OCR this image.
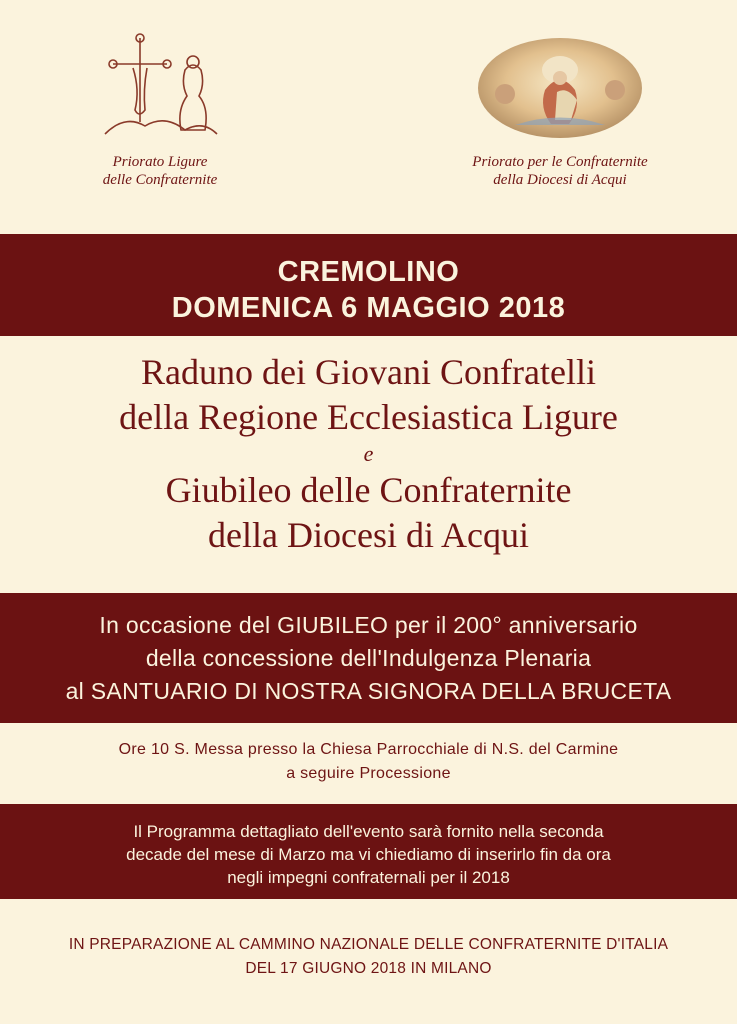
Priorato Ligure
delle Confraternite
Priorato per le Confraternite
della Diocesi di Acqui
CREMOLINO
DOMENICA 6 MAGGIO 2018
Raduno dei Giovani Confratelli
della Regione Ecclesiastica Ligure
e
Giubileo delle Confraternite
della Diocesi di Acqui
In occasione del GIUBILEO per il 200° anniversario
della concessione dell'Indulgenza Plenaria
al SANTUARIO DI NOSTRA SIGNORA DELLA BRUCETA
Ore 10 S. Messa presso la Chiesa Parrocchiale di N.S. del Carmine
a seguire Processione
Il Programma dettagliato dell'evento sarà fornito nella seconda
decade del mese di Marzo ma vi chiediamo di inserirlo fin da ora
negli impegni confraternali per il 2018
IN PREPARAZIONE AL CAMMINO NAZIONALE DELLE CONFRATERNITE D'ITALIA
DEL 17 GIUGNO 2018 IN MILANO
